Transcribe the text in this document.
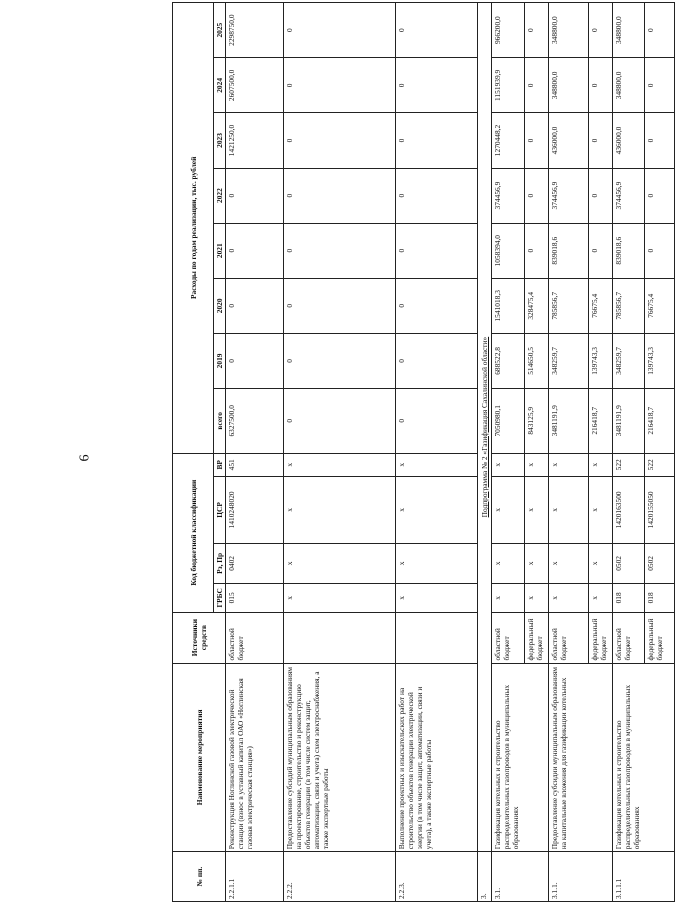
6
№ пп.	Наименование мероприятия	Источники средств	Код бюджетной классификации				Расходы по годам реализации, тыс. рублей							
			ГРБС	Рз, Пр	ЦСР	ВР	всего	2019	2020	2021	2022	2023	2024	2025
2.2.1.1	Реконструкция Ноглинской газовой электрической станции (взнос в уставный капитал ОАО «Ноглинская газовая электрическая станция»)	областной бюджет	015	0402	1410248020	451	6327500,0	0	0	0	0	1421250,0	2607500,0	2298750,0
2.2.2.	Предоставление субсидий муниципальным образованиям на проектирование, строительство и реконструкцию объектов генерации (в том числе систем защит, автоматизации, связи и учета) схем электроснабжения, а также экспертные работы		x	x	x	x	0	0	0	0	0	0	0	0
2.2.3.	Выполнение проектных и изыскательских работ на строительство объектов генерации электрической энергии (в том числе защит, автоматизации, связи и учета), а также экспертные работы		x	x	x	x	0	0	0	0	0	0	0	0
3.	Подпрограмма № 2 «Газификация Сахалинской области»													
3.1.	Газификация котельных и строительство распределительных газопроводов в муниципальных образованиях	областной бюджет	x	x	x	x	7050980,1	688522,8	1541018,3	1058394,0	374456,9	1270448,2	1151939,9	966200,0
		федеральный бюджет	x	x	x	x	843125,9	514650,5	328475,4	0	0	0	0	0
3.1.1.	Предоставление субсидии муниципальным образованиям на капитальные вложения для газификации котельных	областной бюджет	x	x	x	x	3481191,9	348259,7	785856,7	839018,6	374456,9	436000,0	348800,0	348800,0
		федеральный бюджет	x	x	x	x	216418,7	139743,3	76675,4	0	0	0	0	0
3.1.1.1	Газификация котельных и строительство распределительных газопроводов в муниципальных образованиях	областной бюджет	018	0502	1420163500	522	3481191,9	348259,7	785856,7	839018,6	374456,9	436000,0	348800,0	348800,0
		федеральный бюджет	018	0502	1420155050	522	216418,7	139743,3	76675,4	0	0	0	0	0
